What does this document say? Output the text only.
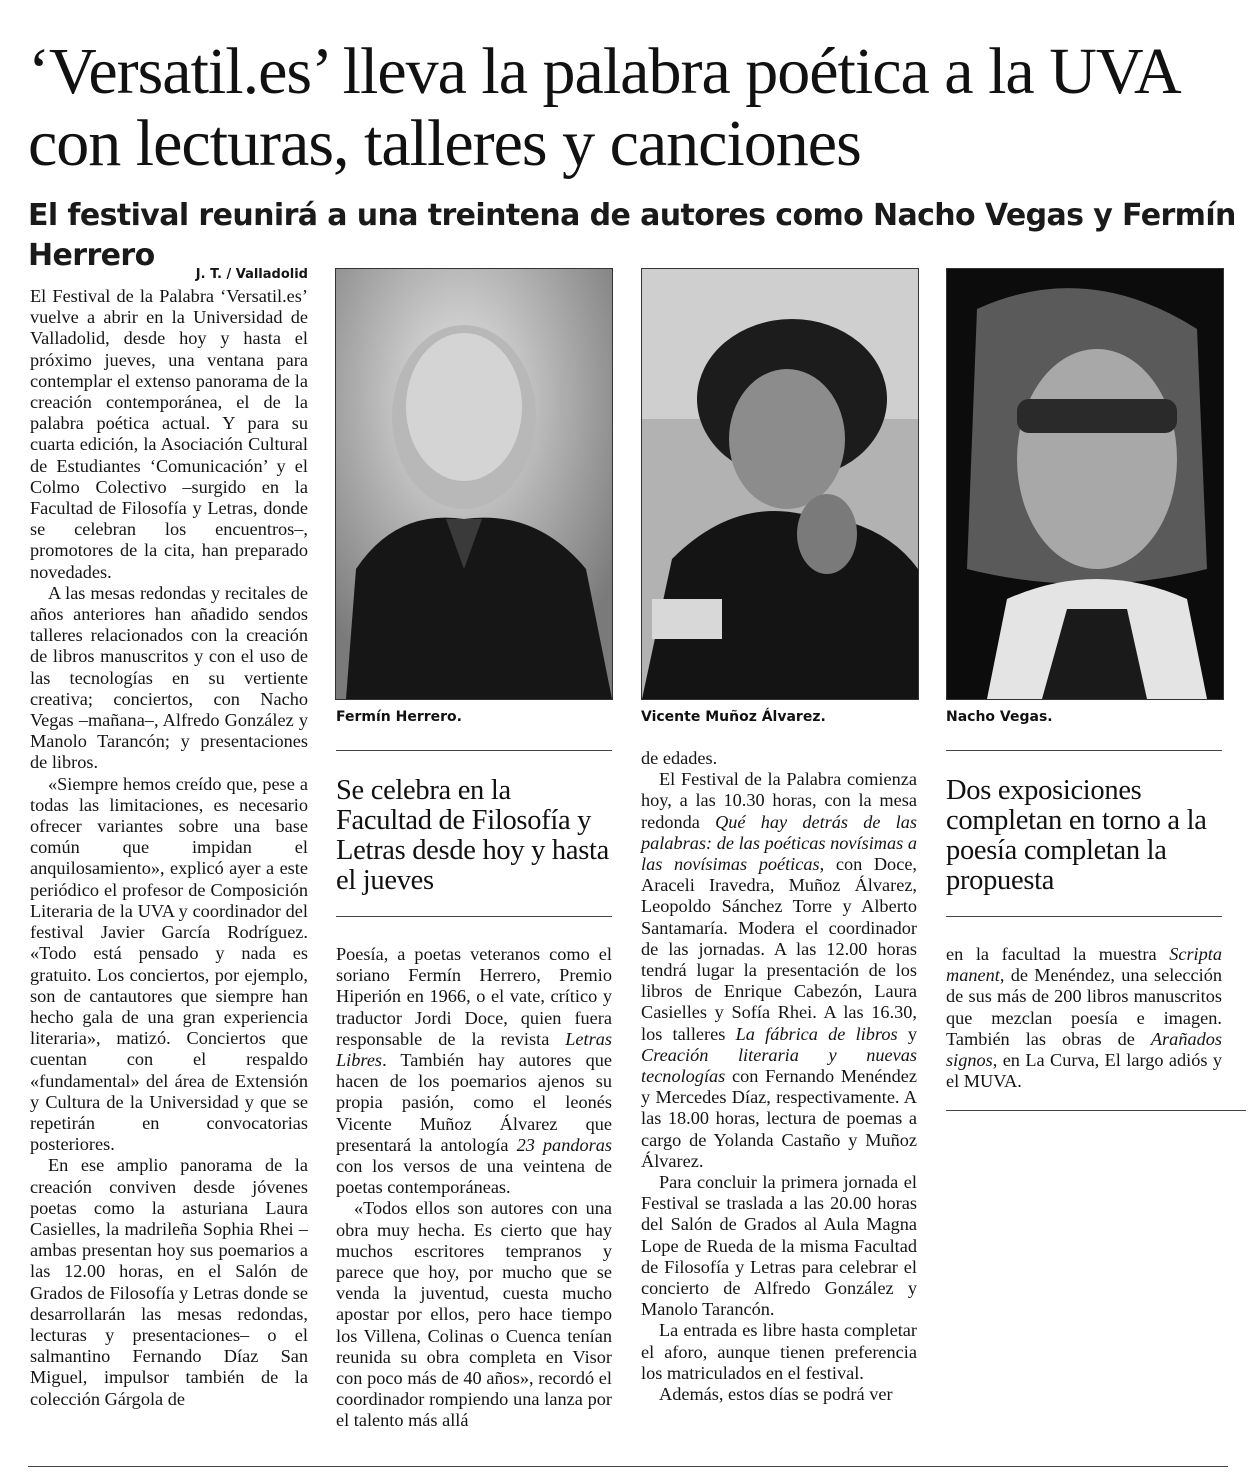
‘Versatil.es’ lleva la palabra poética a la UVA con lecturas, talleres y canciones
El festival reunirá a una treintena de autores como Nacho Vegas y Fermín Herrero
J. T. / Valladolid

El Festival de la Palabra ‘Versatil.es’ vuelve a abrir en la Universidad de Valladolid, desde hoy y hasta el próximo jueves, una ventana para contemplar el extenso panorama de la creación contemporánea, el de la palabra poética actual. Y para su cuarta edición, la Asociación Cultural de Estudiantes ‘Comunicación’ y el Colmo Colectivo –surgido en la Facultad de Filosofía y Letras, donde se celebran los encuentros–, promotores de la cita, han preparado novedades.

A las mesas redondas y recitales de años anteriores han añadido sendos talleres relacionados con la creación de libros manuscritos y con el uso de las tecnologías en su vertiente creativa; conciertos, con Nacho Vegas –mañana–, Alfredo González y Manolo Tarancón; y presentaciones de libros.

«Siempre hemos creído que, pese a todas las limitaciones, es necesario ofrecer variantes sobre una base común que impidan el anquilosamiento», explicó ayer a este periódico el profesor de Composición Literaria de la UVA y coordinador del festival Javier García Rodríguez. «Todo está pensado y nada es gratuito. Los conciertos, por ejemplo, son de cantautores que siempre han hecho gala de una gran experiencia literaria», matizó. Conciertos que cuentan con el respaldo «fundamental» del área de Extensión y Cultura de la Universidad y que se repetirán en convocatorias posteriores.

En ese amplio panorama de la creación conviven desde jóvenes poetas como la asturiana Laura Casielles, la madrileña Sophia Rhei –ambas presentan hoy sus poemarios a las 12.00 horas, en el Salón de Grados de Filosofía y Letras donde se desarrollarán las mesas redondas, lecturas y presentaciones– o el salmantino Fernando Díaz San Miguel, impulsor también de la colección Gárgola de

Fermín Herrero.	Vicente Muñoz Álvarez.	Nacho Vegas.
Se celebra en la Facultad de Filosofía y Letras desde hoy y hasta el jueves
Dos exposiciones completan en torno a la poesía completan la propuesta

Poesía, a poetas veteranos como el soriano Fermín Herrero, Premio Hiperión en 1966, o el vate, crítico y traductor Jordi Doce, quien fuera responsable de la revista Letras Libres. También hay autores que hacen de los poemarios ajenos su propia pasión, como el leonés Vicente Muñoz Álvarez que presentará la antología 23 pandoras con los versos de una veintena de poetas contemporáneas.

«Todos ellos son autores con una obra muy hecha. Es cierto que hay muchos escritores tempranos y parece que hoy, por mucho que se venda la juventud, cuesta mucho apostar por ellos, pero hace tiempo los Villena, Colinas o Cuenca tenían reunida su obra completa en Visor con poco más de 40 años», recordó el coordinador rompiendo una lanza por el talento más allá

de edades.

El Festival de la Palabra comienza hoy, a las 10.30 horas, con la mesa redonda Qué hay detrás de las palabras: de las poéticas novísimas a las novísimas poéticas, con Doce, Araceli Iravedra, Muñoz Álvarez, Leopoldo Sánchez Torre y Alberto Santamaría. Modera el coordinador de las jornadas. A las 12.00 horas tendrá lugar la presentación de los libros de Enrique Cabezón, Laura Casielles y Sofía Rhei. A las 16.30, los talleres La fábrica de libros y Creación literaria y nuevas tecnologías con Fernando Menéndez y Mercedes Díaz, respectivamente. A las 18.00 horas, lectura de poemas a cargo de Yolanda Castaño y Muñoz Álvarez.

Para concluir la primera jornada el Festival se traslada a las 20.00 horas del Salón de Grados al Aula Magna Lope de Rueda de la misma Facultad de Filosofía y Letras para celebrar el concierto de Alfredo González y Manolo Tarancón.

La entrada es libre hasta completar el aforo, aunque tienen preferencia los matriculados en el festival.

Además, estos días se podrá ver

en la facultad la muestra Scripta manent, de Menéndez, una selección de sus más de 200 libros manuscritos que mezclan poesía e imagen. También las obras de Arañados signos, en La Curva, El largo adiós y el MUVA.
